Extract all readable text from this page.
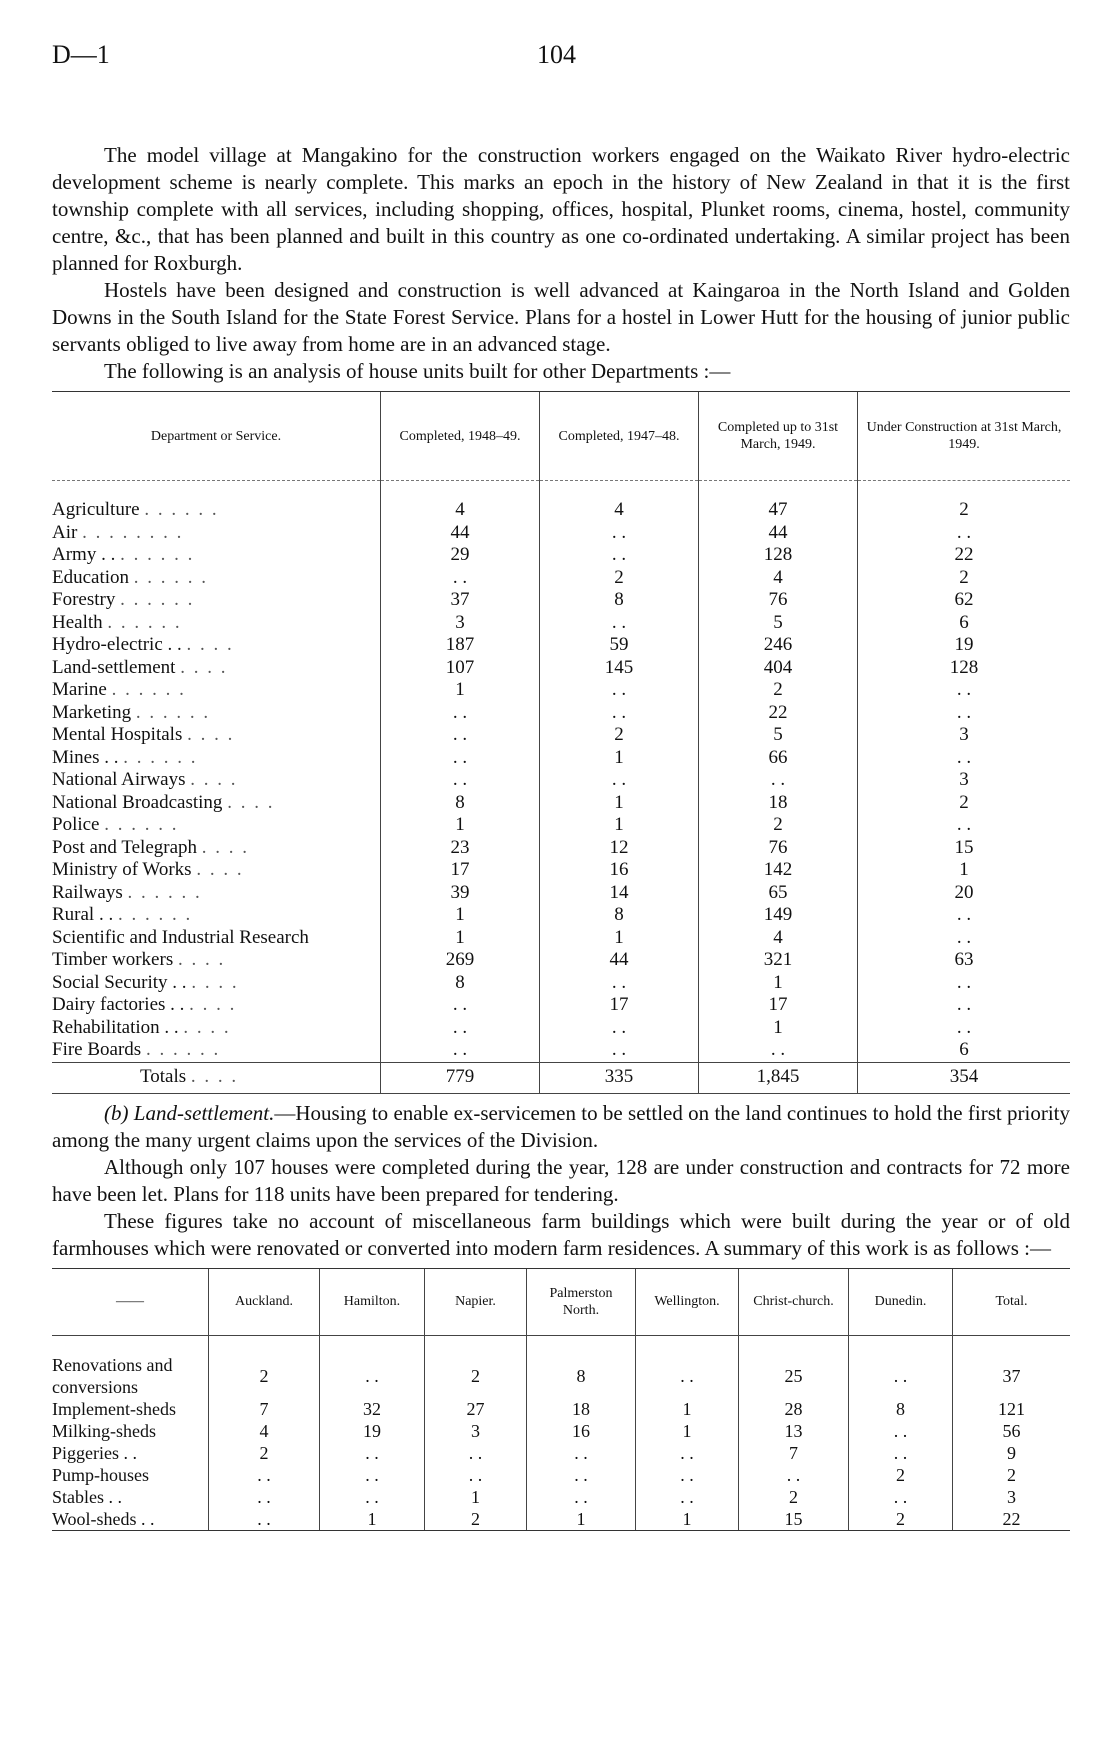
D—1	104

The model village at Mangakino for the construction workers engaged on the Waikato River hydro-electric development scheme is nearly complete. This marks an epoch in the history of New Zealand in that it is the first township complete with all services, including shopping, offices, hospital, Plunket rooms, cinema, hostel, community centre, &c., that has been planned and built in this country as one co-ordinated undertaking. A similar project has been planned for Roxburgh.

Hostels have been designed and construction is well advanced at Kaingaroa in the North Island and Golden Downs in the South Island for the State Forest Service. Plans for a hostel in Lower Hutt for the housing of junior public servants obliged to live away from home are in an advanced stage.

The following is an analysis of house units built for other Departments :—

Department or Service.	Completed, 1948–49.	Completed, 1947–48.	Completed up to 31st March, 1949.	Under Construction at 31st March, 1949.
Agriculture . . . . . .	4	4	47	2
Air . . . . . . . .	44	. .	44	. .
Army . . . . . . . .	29	. .	128	22
Education . . . . . .	. .	2	4	2
Forestry . . . . . .	37	8	76	62
Health . . . . . .	3	. .	5	6
Hydro-electric . . . . . .	187	59	246	19
Land-settlement . . . .	107	145	404	128
Marine . . . . . .	1	. .	2	. .
Marketing . . . . . .	. .	. .	22	. .
Mental Hospitals . . . .	. .	2	5	3
Mines . . . . . . . .	. .	1	66	. .
National Airways . . . .	. .	. .	. .	3
National Broadcasting . . . .	8	1	18	2
Police . . . . . .	1	1	2	. .
Post and Telegraph . . . .	23	12	76	15
Ministry of Works . . . .	17	16	142	1
Railways . . . . . .	39	14	65	20
Rural . . . . . . . .	1	8	149	. .
Scientific and Industrial Research	1	1	4	. .
Timber workers . . . .	269	44	321	63
Social Security . . . . . .	8	. .	1	. .
Dairy factories . . . . . .	. .	17	17	. .
Rehabilitation . . . . . .	. .	. .	1	. .
Fire Boards . . . . . .	. .	. .	. .	6
Totals . . . .	779	335	1,845	354

(b) Land-settlement.—Housing to enable ex-servicemen to be settled on the land continues to hold the first priority among the many urgent claims upon the services of the Division.

Although only 107 houses were completed during the year, 128 are under construction and contracts for 72 more have been let. Plans for 118 units have been prepared for tendering.

These figures take no account of miscellaneous farm buildings which were built during the year or of old farmhouses which were renovated or converted into modern farm residences. A summary of this work is as follows :—

——	Auckland.	Hamilton.	Napier.	Palmerston North.	Wellington.	Christ-church.	Dunedin.	Total.
Renovations and conversions	2	. .	2	8	. .	25	. .	37
Implement-sheds	7	32	27	18	1	28	8	121
Milking-sheds	4	19	3	16	1	13	. .	56
Piggeries . .	2	. .	. .	. .	. .	7	. .	9
Pump-houses	. .	. .	. .	. .	. .	. .	2	2
Stables . .	. .	. .	1	. .	. .	2	. .	3
Wool-sheds . .	. .	1	2	1	1	15	2	22
